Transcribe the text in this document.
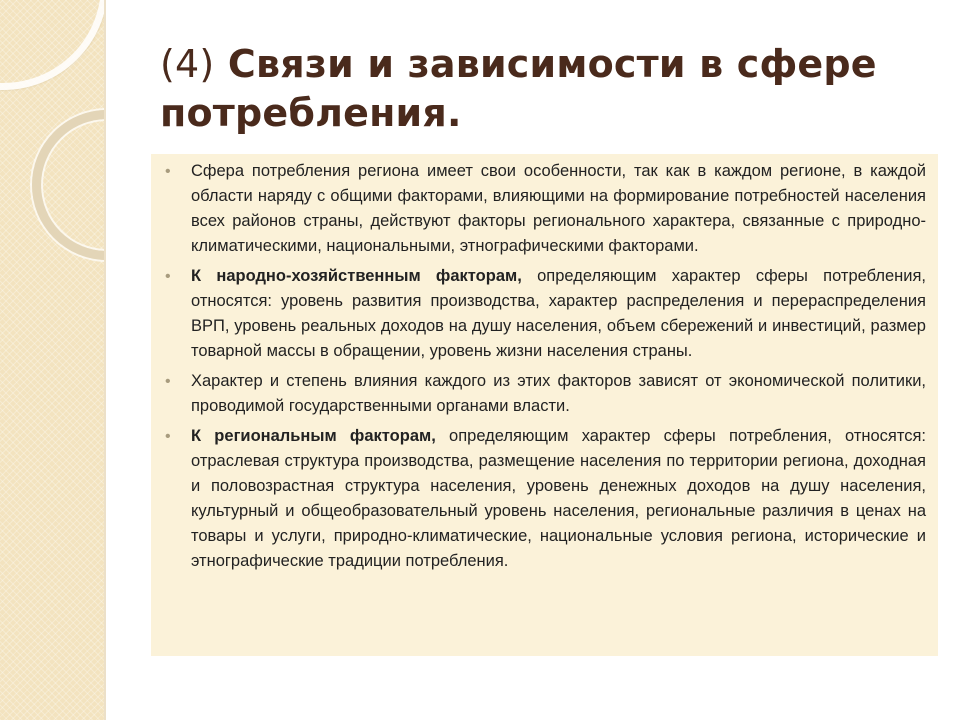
(4) Связи и зависимости в сфере потребления.
• Сфера потребления региона имеет свои особенности, так как в каждом регионе, в каждой области наряду с общими факторами, влияющими на формирование потребностей населения всех районов страны, действуют факторы регионального характера, связанные с природно-климатическими, национальными, этнографическими факторами.
• К народно-хозяйственным факторам, определяющим характер сферы потребления, относятся: уровень развития производства, характер распределения и перераспределения ВРП, уровень реальных доходов на душу населения, объем сбережений и инвестиций, размер товарной массы в обращении, уровень жизни населения страны.
• Характер и степень влияния каждого из этих факторов зависят от экономической политики, проводимой государственными органами власти.
• К региональным факторам, определяющим характер сферы потребления, относятся: отраслевая структура производства, размещение населения по территории региона, доходная и половозрастная структура населения, уровень денежных доходов на душу населения, культурный и общеобразовательный уровень населения, региональные различия в ценах на товары и услуги, природно-климатические, национальные условия региона, исторические и этнографические традиции потребления.
